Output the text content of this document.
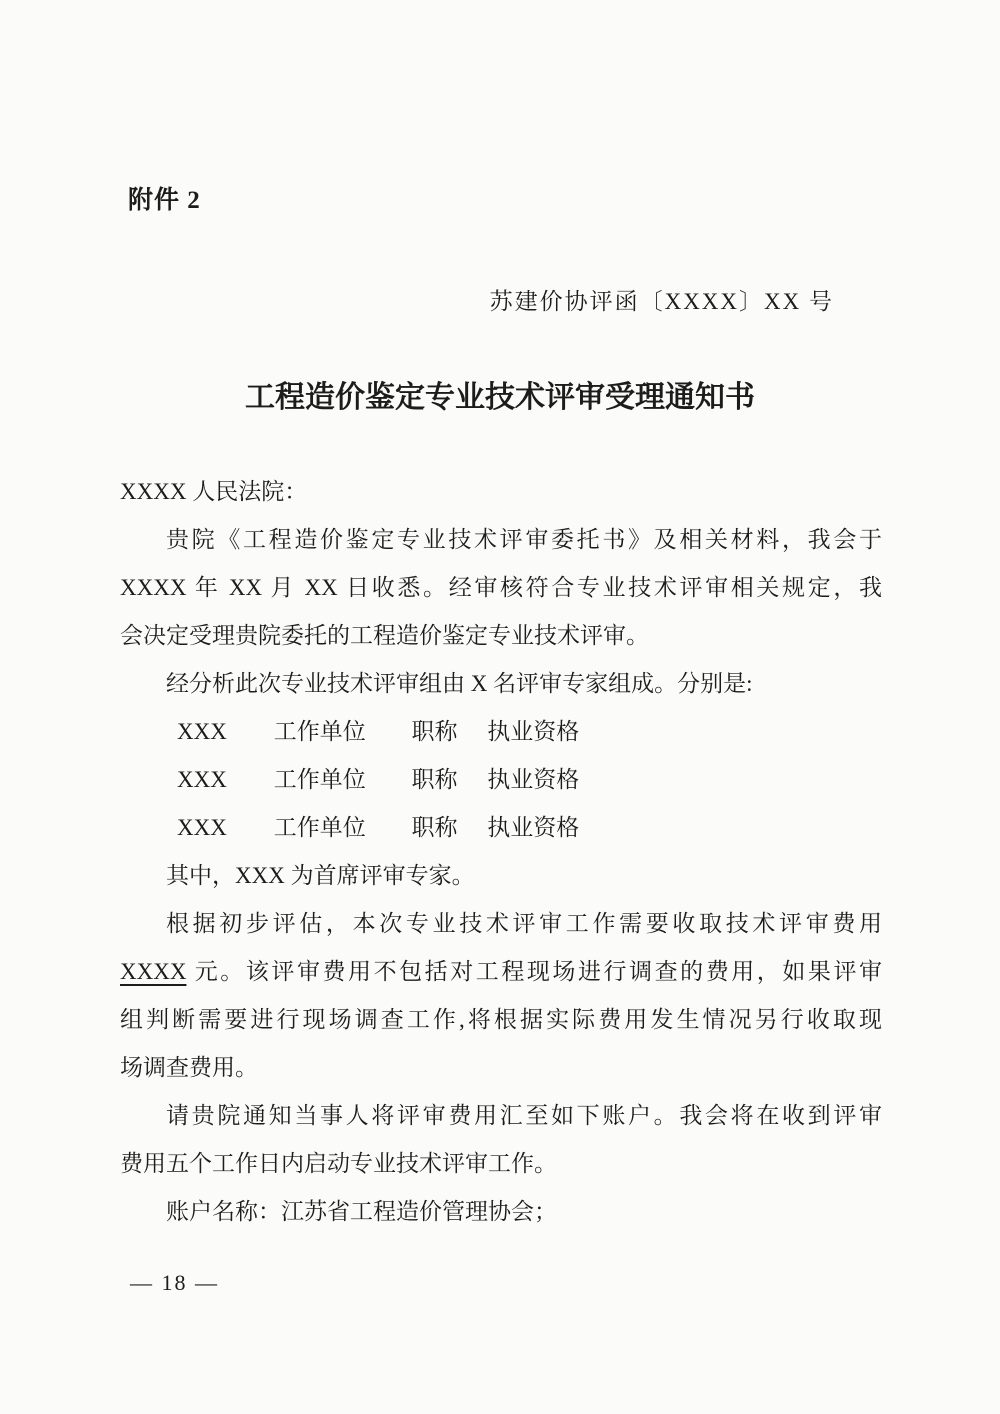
附件 2
苏建价协评函〔XXXX〕XX 号
工程造价鉴定专业技术评审受理通知书
XXXX 人民法院：
贵院《工程造价鉴定专业技术评审委托书》及相关材料，我会于
XXXX 年 XX 月 XX 日收悉。经审核符合专业技术评审相关规定，我
会决定受理贵院委托的工程造价鉴定专业技术评审。
经分析此次专业技术评审组由 X 名评审专家组成。分别是:
XXX 工作单位 职称 执业资格
XXX 工作单位 职称 执业资格
XXX 工作单位 职称 执业资格
其中，XXX 为首席评审专家。
根据初步评估，本次专业技术评审工作需要收取技术评审费用
XXXX 元。该评审费用不包括对工程现场进行调查的费用，如果评审
组判断需要进行现场调查工作,将根据实际费用发生情况另行收取现
场调查费用。
请贵院通知当事人将评审费用汇至如下账户。我会将在收到评审
费用五个工作日内启动专业技术评审工作。
账户名称：江苏省工程造价管理协会；
— 18 —
